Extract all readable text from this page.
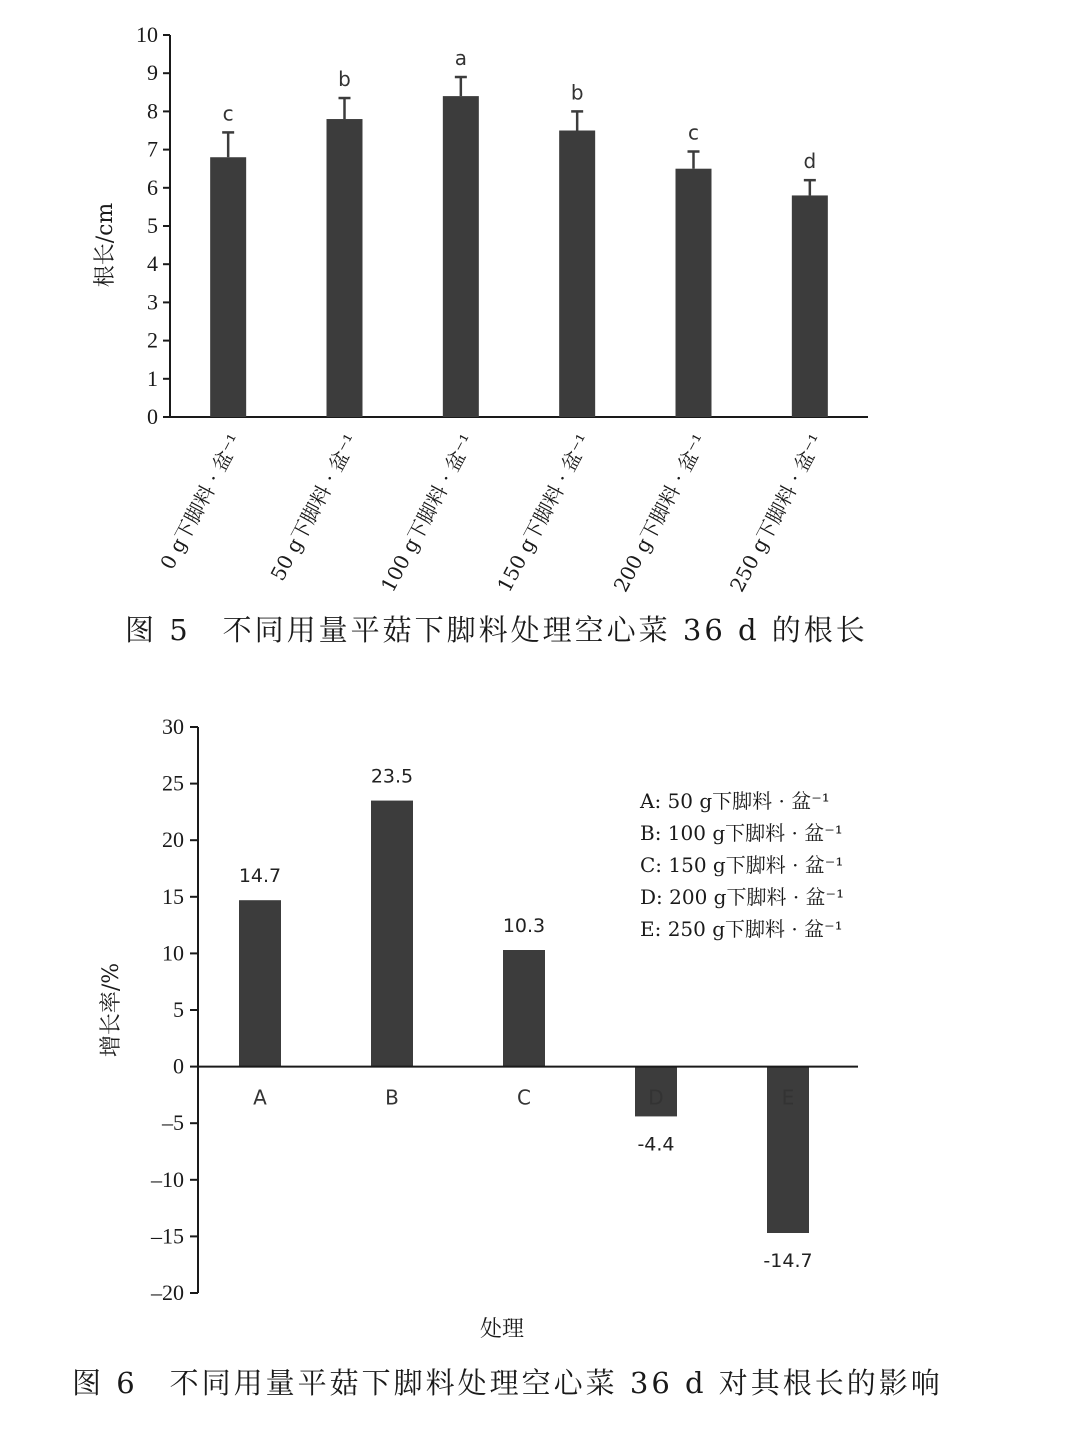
0
1
2
3
4
5
6
7
8
9
10
c
b
a
b
c
d
0 g下脚料 · 盆⁻¹ 50 g下脚料 · 盆⁻¹ 100 g下脚料 · 盆⁻¹ 150 g下脚料 · 盆⁻¹ 200 g下脚料 · 盆⁻¹ 250 g下脚料 · 盆⁻¹
根长/cm
图 5　不同用量平菇下脚料处理空心菜 36 d 的根长
30
25
20
15
10
5
0
–5
–10
–15
–20
14.7
23.5
10.3
-4.4
-14.7
A	B	C	D	E
A: 50 g下脚料 · 盆⁻¹
B: 100 g下脚料 · 盆⁻¹
C: 150 g下脚料 · 盆⁻¹
D: 200 g下脚料 · 盆⁻¹
E: 250 g下脚料 · 盆⁻¹
增长率/%
处理
图 6　不同用量平菇下脚料处理空心菜 36 d 对其根长的影响
